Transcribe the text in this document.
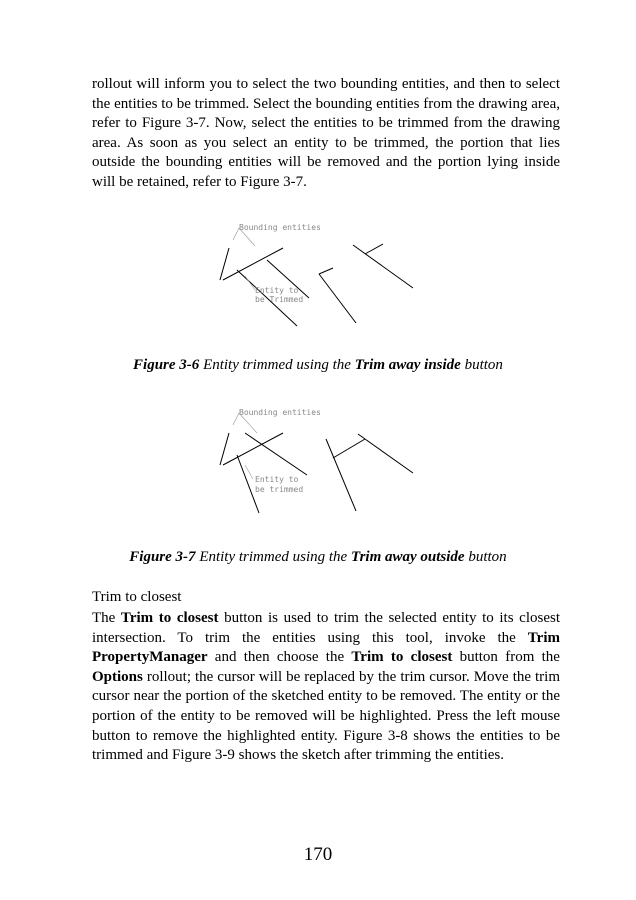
rollout will inform you to select the two bounding entities, and then to select the entities to be trimmed. Select the bounding entities from the drawing area, refer to Figure 3-7. Now, select the entities to be trimmed from the drawing area. As soon as you select an entity to be trimmed, the portion that lies outside the bounding entities will be removed and the portion lying inside will be retained, refer to Figure 3-7.

Bounding entities
Entity to
be Trimmed

Figure 3-6 Entity trimmed using the Trim away inside button

Bounding entities
Entity to
be trimmed

Figure 3-7 Entity trimmed using the Trim away outside button

Trim to closest

The Trim to closest button is used to trim the selected entity to its closest intersection. To trim the entities using this tool, invoke the Trim PropertyManager and then choose the Trim to closest button from the Options rollout; the cursor will be replaced by the trim cursor. Move the trim cursor near the portion of the sketched entity to be removed. The entity or the portion of the entity to be removed will be highlighted. Press the left mouse button to remove the highlighted entity. Figure 3-8 shows the entities to be trimmed and Figure 3-9 shows the sketch after trimming the entities.

170
